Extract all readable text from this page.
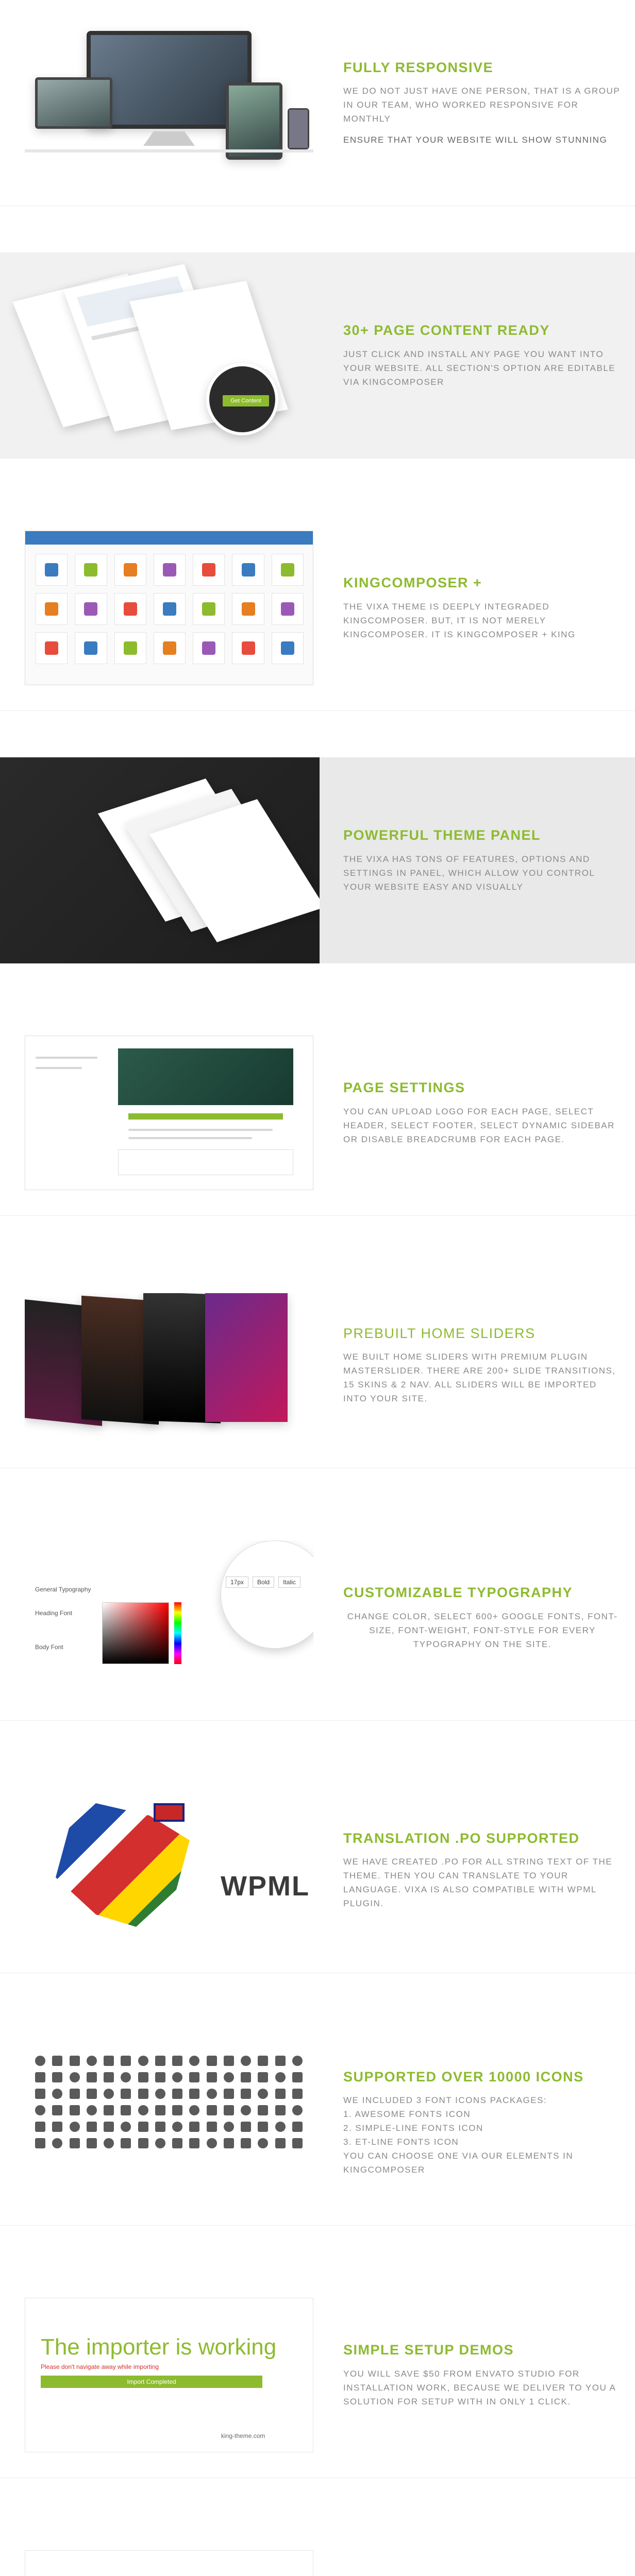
FULLY RESPONSIVE
WE DO NOT JUST HAVE ONE PERSON, THAT IS A GROUP IN OUR TEAM, WHO WORKED RESPONSIVE FOR MONTHLY
ENSURE THAT YOUR WEBSITE WILL SHOW STUNNING
Get Content
30+ PAGE CONTENT READY
JUST CLICK AND INSTALL ANY PAGE YOU WANT INTO YOUR WEBSITE. ALL SECTION'S OPTION ARE EDITABLE VIA KINGCOMPOSER
KINGCOMPOSER +
THE VIXA THEME IS DEEPLY INTEGRADED KINGCOMPOSER. BUT, IT IS NOT MERELY KINGCOMPOSER. IT IS KINGCOMPOSER + KING
POWERFUL THEME PANEL
THE VIXA HAS TONS OF FEATURES, OPTIONS AND SETTINGS IN PANEL, WHICH ALLOW YOU CONTROL YOUR WEBSITE EASY AND VISUALLY
PAGE SETTINGS
YOU CAN UPLOAD LOGO FOR EACH PAGE, SELECT HEADER, SELECT FOOTER, SELECT DYNAMIC SIDEBAR OR DISABLE BREADCRUMB FOR EACH PAGE.
PREBUILT HOME SLIDERS
WE BUILT HOME SLIDERS WITH PREMIUM PLUGIN MASTERSLIDER. THERE ARE 200+ SLIDE TRANSITIONS, 15 SKINS & 2 NAV. ALL SLIDERS WILL BE IMPORTED INTO YOUR SITE.
17px	Bold	Italic
General Typography
Heading Font
Body Font
CUSTOMIZABLE TYPOGRAPHY
CHANGE COLOR, SELECT 600+ GOOGLE FONTS, FONT-SIZE, FONT-WEIGHT, FONT-STYLE FOR EVERY TYPOGRAPHY ON THE SITE.
WPML
TRANSLATION .PO SUPPORTED
WE HAVE CREATED .PO FOR ALL STRING TEXT OF THE THEME. THEN YOU CAN TRANSLATE TO YOUR LANGUAGE. VIXA IS ALSO COMPATIBLE WITH WPML PLUGIN.
SUPPORTED OVER 10000 ICONS
WE INCLUDED 3 FONT ICONS PACKAGES:
1. AWESOME FONTS ICON
2. SIMPLE-LINE FONTS ICON
3. ET-LINE FONTS ICON
YOU CAN CHOOSE ONE VIA OUR ELEMENTS IN KINGCOMPOSER
The importer is working
Please don't navigate away while importing
Import Completed
king-theme.com
SIMPLE SETUP DEMOS
YOU WILL SAVE $50 FROM ENVATO STUDIO FOR INSTALLATION WORK, BECAUSE WE DELIVER TO YOU A SOLUTION FOR SETUP WITH IN ONLY 1 CLICK.
